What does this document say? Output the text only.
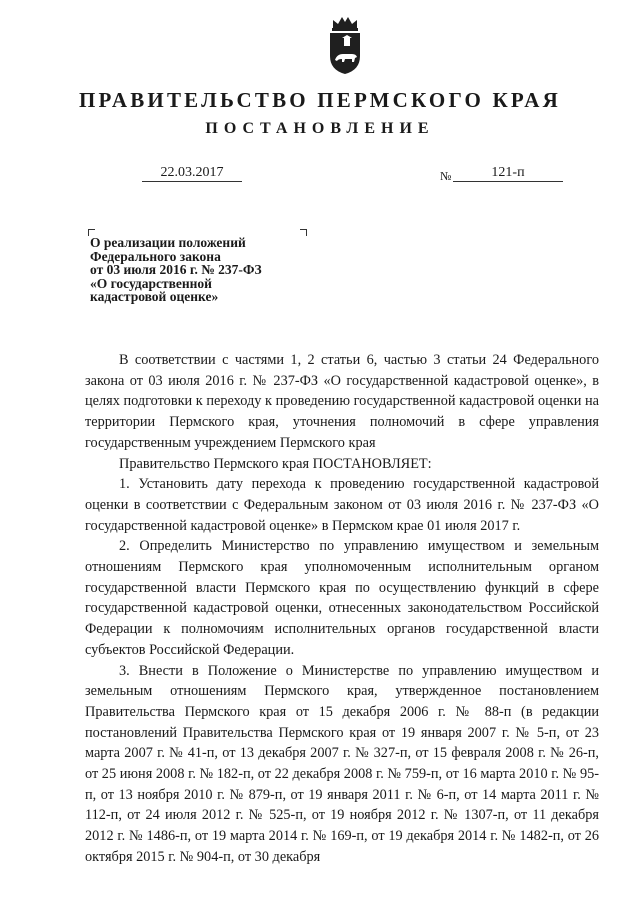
ПРАВИТЕЛЬСТВО ПЕРМСКОГО КРАЯ
ПОСТАНОВЛЕНИЕ
22.03.2017	№	121-п
О реализации положений
Федерального закона
от 03 июля 2016 г. № 237-ФЗ
«О государственной
кадастровой оценке»

В соответствии с частями 1, 2 статьи 6, частью 3 статьи 24 Федерального закона от 03 июля 2016 г. № 237-ФЗ «О государственной кадастровой оценке», в целях подготовки к переходу к проведению государственной кадастровой оценки на территории Пермского края, уточнения полномочий в сфере управления государственным учреждением Пермского края

Правительство Пермского края ПОСТАНОВЛЯЕТ:

1. Установить дату перехода к проведению государственной кадастровой оценки в соответствии с Федеральным законом от 03 июля 2016 г. № 237-ФЗ «О государственной кадастровой оценке» в Пермском крае 01 июля 2017 г.

2. Определить Министерство по управлению имуществом и земельным отношениям Пермского края уполномоченным исполнительным органом государственной власти Пермского края по осуществлению функций в сфере государственной кадастровой оценки, отнесенных законодательством Российской Федерации к полномочиям исполнительных органов государственной власти субъектов Российской Федерации.

3. Внести в Положение о Министерстве по управлению имуществом и земельным отношениям Пермского края, утвержденное постановлением Правительства Пермского края от 15 декабря 2006 г. № 88-п (в редакции постановлений Правительства Пермского края от 19 января 2007 г. № 5-п, от 23 марта 2007 г. № 41-п, от 13 декабря 2007 г. № 327-п, от 15 февраля 2008 г. № 26-п, от 25 июня 2008 г. № 182-п, от 22 декабря 2008 г. № 759-п, от 16 марта 2010 г. № 95-п, от 13 ноября 2010 г. № 879-п, от 19 января 2011 г. № 6-п, от 14 марта 2011 г. № 112-п, от 24 июля 2012 г. № 525-п, от 19 ноября 2012 г. № 1307-п, от 11 декабря 2012 г. № 1486-п, от 19 марта 2014 г. № 169-п, от 19 декабря 2014 г. № 1482-п, от 26 октября 2015 г. № 904-п, от 30 декабря
